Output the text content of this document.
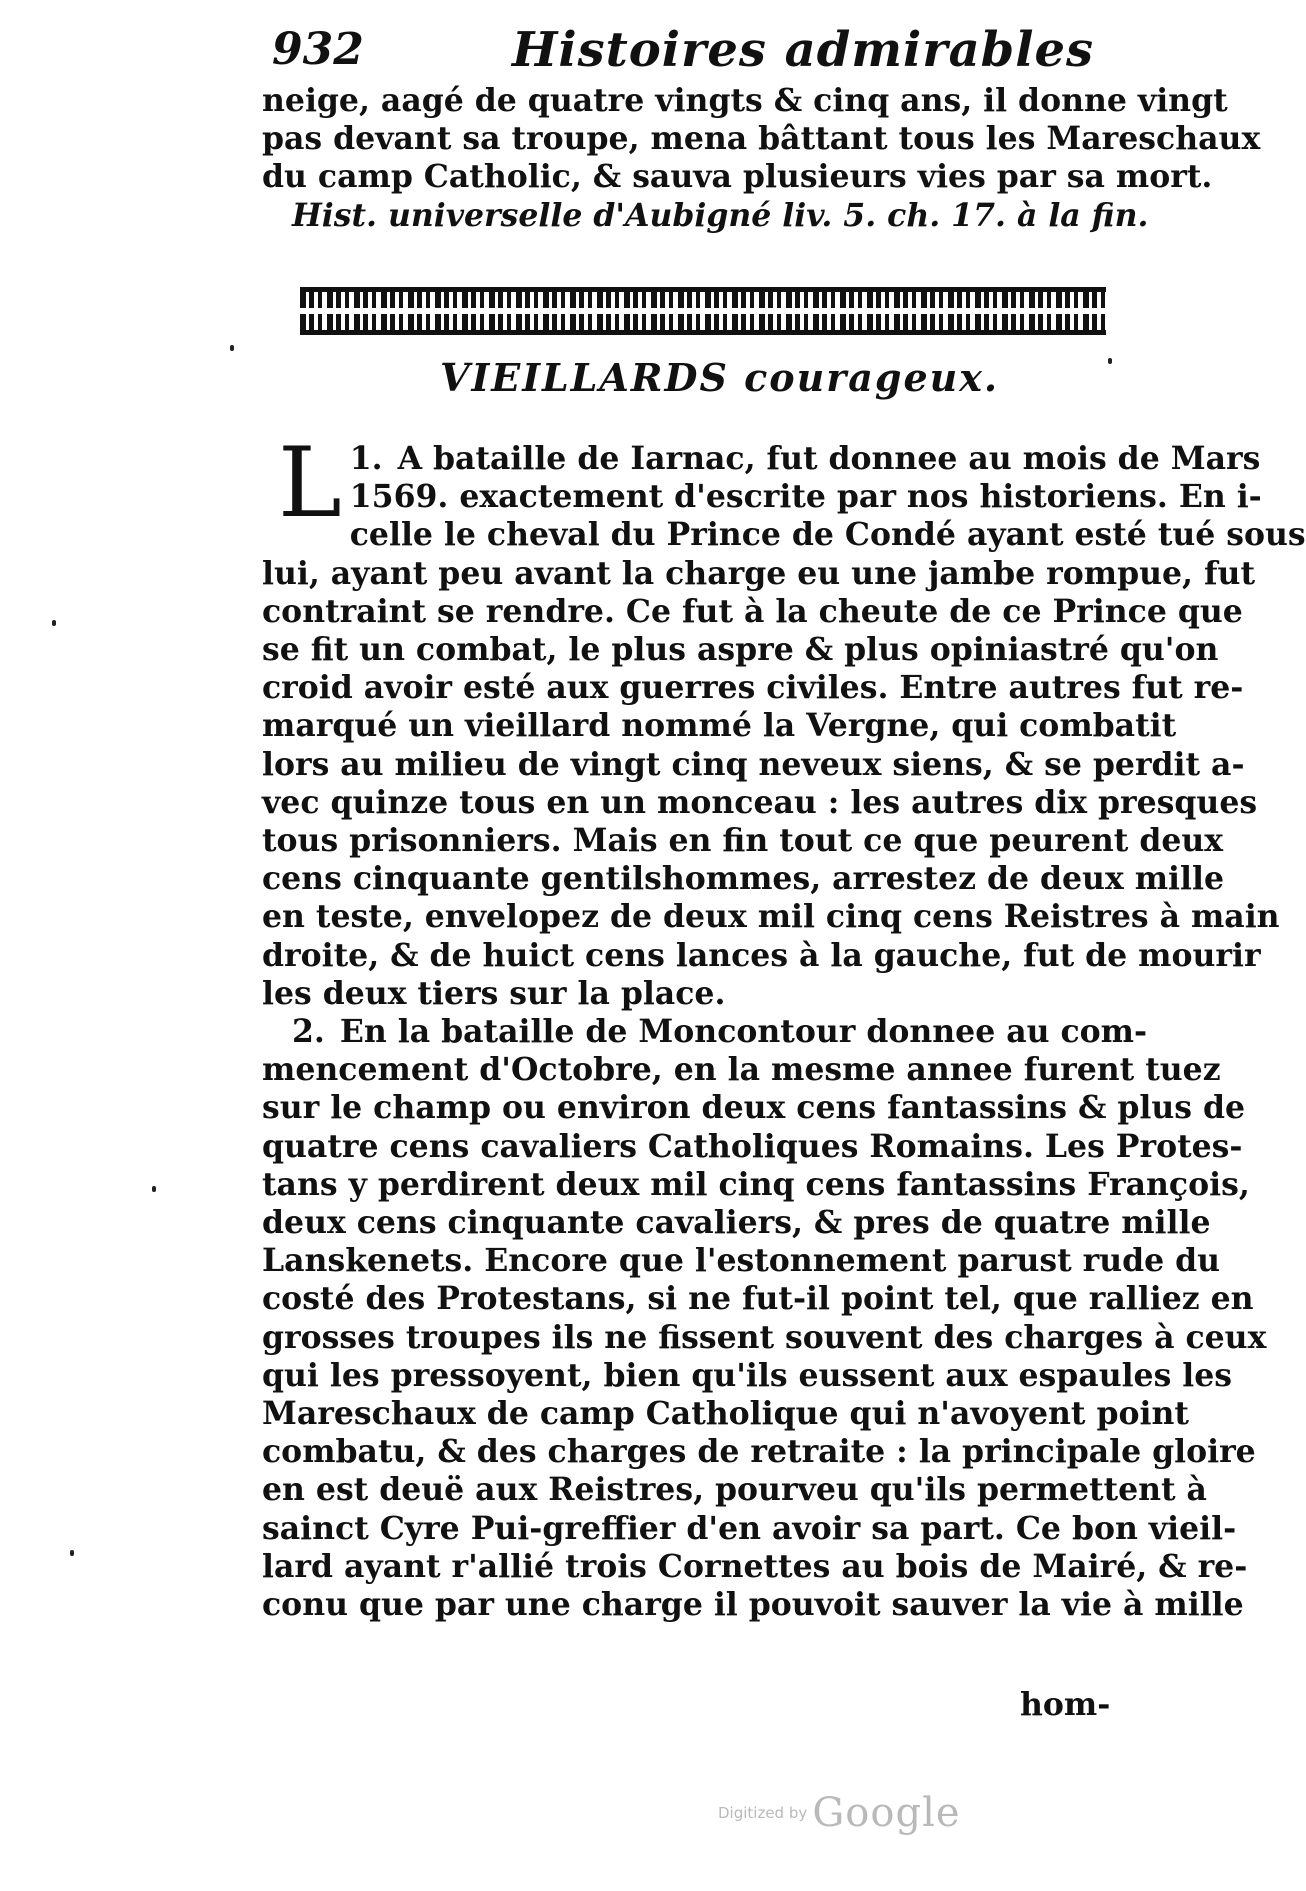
932	Histoires admirables
neige, aagé de quatre vingts & cinq ans, il donne vingt
pas devant sa troupe, mena bâttant tous les Mareschaux
du camp Catholic, & sauva plusieurs vies par sa mort.
Hist. universelle d'Aubigné liv. 5. ch. 17. à la fin.
VIEILLARDS courageux.
L 1. A bataille de Iarnac, fut donnee au mois de Mars
1569. exactement d'escrite par nos historiens. En i-
celle le cheval du Prince de Condé ayant esté tué sous
lui, ayant peu avant la charge eu une jambe rompue, fut
contraint se rendre. Ce fut à la cheute de ce Prince que
se fit un combat, le plus aspre & plus opiniastré qu'on
croid avoir esté aux guerres civiles. Entre autres fut re-
marqué un vieillard nommé la Vergne, qui combatit
lors au milieu de vingt cinq neveux siens, & se perdit a-
vec quinze tous en un monceau : les autres dix presques
tous prisonniers. Mais en fin tout ce que peurent deux
cens cinquante gentilshommes, arrestez de deux mille
en teste, envelopez de deux mil cinq cens Reistres à main
droite, & de huict cens lances à la gauche, fut de mourir
les deux tiers sur la place.
2. En la bataille de Moncontour donnee au com-
mencement d'Octobre, en la mesme annee furent tuez
sur le champ ou environ deux cens fantassins & plus de
quatre cens cavaliers Catholiques Romains. Les Protes-
tans y perdirent deux mil cinq cens fantassins François,
deux cens cinquante cavaliers, & pres de quatre mille
Lanskenets. Encore que l'estonnement parust rude du
costé des Protestans, si ne fut-il point tel, que ralliez en
grosses troupes ils ne fissent souvent des charges à ceux
qui les pressoyent, bien qu'ils eussent aux espaules les
Mareschaux de camp Catholique qui n'avoyent point
combatu, & des charges de retraite : la principale gloire
en est deuë aux Reistres, pourveu qu'ils permettent à
sainct Cyre Pui-greffier d'en avoir sa part. Ce bon vieil-
lard ayant r'allié trois Cornettes au bois de Mairé, & re-
conu que par une charge il pouvoit sauver la vie à mille
hom-
Digitized by Google
